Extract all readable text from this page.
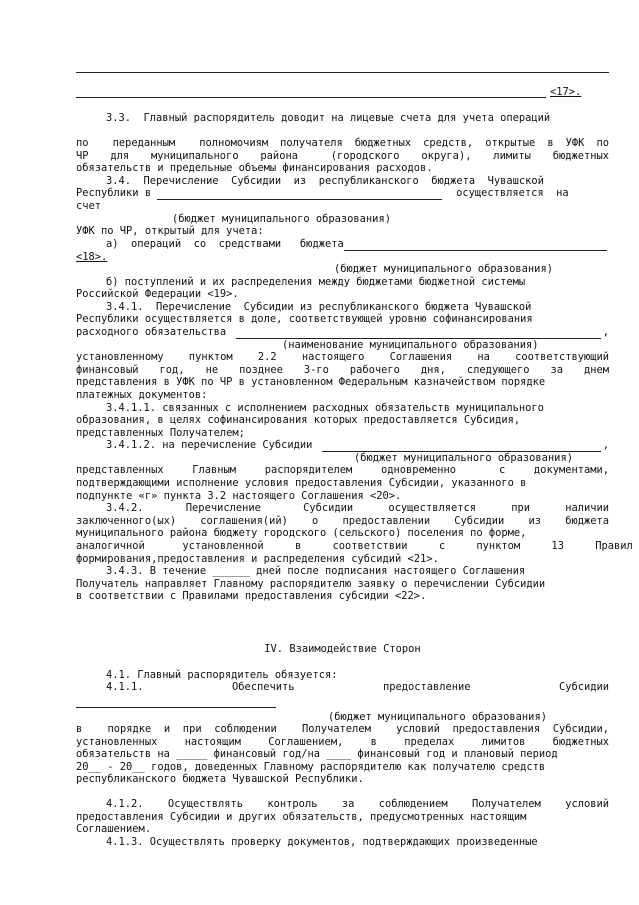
<17>.
3.3.  Главный распорядитель доводит на лицевые счета для учета операций
по  переданным  полномочиям получателя бюджетных средств, открытые в УФК по
ЧР  для  муниципального  района   (городского  округа),  лимиты  бюджетных
обязательств и предельные объемы финансирования расходов.
3.4.  Перечисление  Субсидии  из  республиканского  бюджета  Чувашской
Республики в	осуществляется  на
счет
(бюджет муниципального образования)
УФК по ЧР, открытый для учета:
а)  операций  со  средствами   бюджета
<18>.
(бюджет муниципального образования)
б) поступлений и их распределения между бюджетами бюджетной системы
Российской Федерации <19>.
3.4.1.  Перечисление  Субсидии из республиканского бюджета Чувашской
Республики осуществляется в доле, соответствующей уровню софинансирования
расходного обязательства	,
(наименование муниципального образования)
установленному  пунктом  2.2  настоящего  Соглашения  на  соответствующий
финансовый  год,  не  позднее  3-го  рабочего  дня,  следующего  за  днем
представления в УФК по ЧР в установленном Федеральным казначейством порядке
платежных документов:
3.4.1.1. связанных с исполнением расходных обязательств муниципального
образования, в целях софинансирования которых предоставляется Субсидия,
представленных Получателем;
3.4.1.2. на перечисление Субсидии	,
(бюджет муниципального образования)
представленных  Главным  распорядителем  одновременно   с  документами,
подтверждающими исполнение условия предоставления Субсидии, указанного в
подпункте «г» пункта 3.2 настоящего Соглашения <20>.
3.4.2.      Перечисление      Субсидии     осуществляется     при     наличии
заключенного(ых)  соглашения(ий)  о  предоставлении  Субсидии  из  бюджета
муниципального района бюджету городского (сельского) поселения по форме,
аналогичной      установленной     в     соответствии     с     пунктом     13     Правил
формирования,предоставления и распределения субсидий <21>.
3.4.3. В течение ______ дней после подписания настоящего Соглашения
Получатель направляет Главному распорядителю заявку о перечислении Субсидии
в соответствии с Правилами предоставления субсидии <22>.
IV. Взаимодействие Сторон
4.1. Главный распорядитель обязуется:
4.1.1.           Обеспечить           предоставление           Субсидии
(бюджет муниципального образования)
в  порядке и при соблюдении  Получателем  условий предоставления Субсидии,
установленных   настоящим   Соглашением,   в   пределах   лимитов   бюджетных
обязательств на _____ финансовый год/на ____ финансовый год и плановый период
20__ - 20__ годов, доведенных Главному распорядителю как получателю средств
республиканского бюджета Чувашской Республики.
4.1.2.  Осуществлять  контроль  за  соблюдением  Получателем  условий
предоставления Субсидии и других обязательств, предусмотренных настоящим
Соглашением.
4.1.3. Осуществлять проверку документов, подтверждающих произведенные
